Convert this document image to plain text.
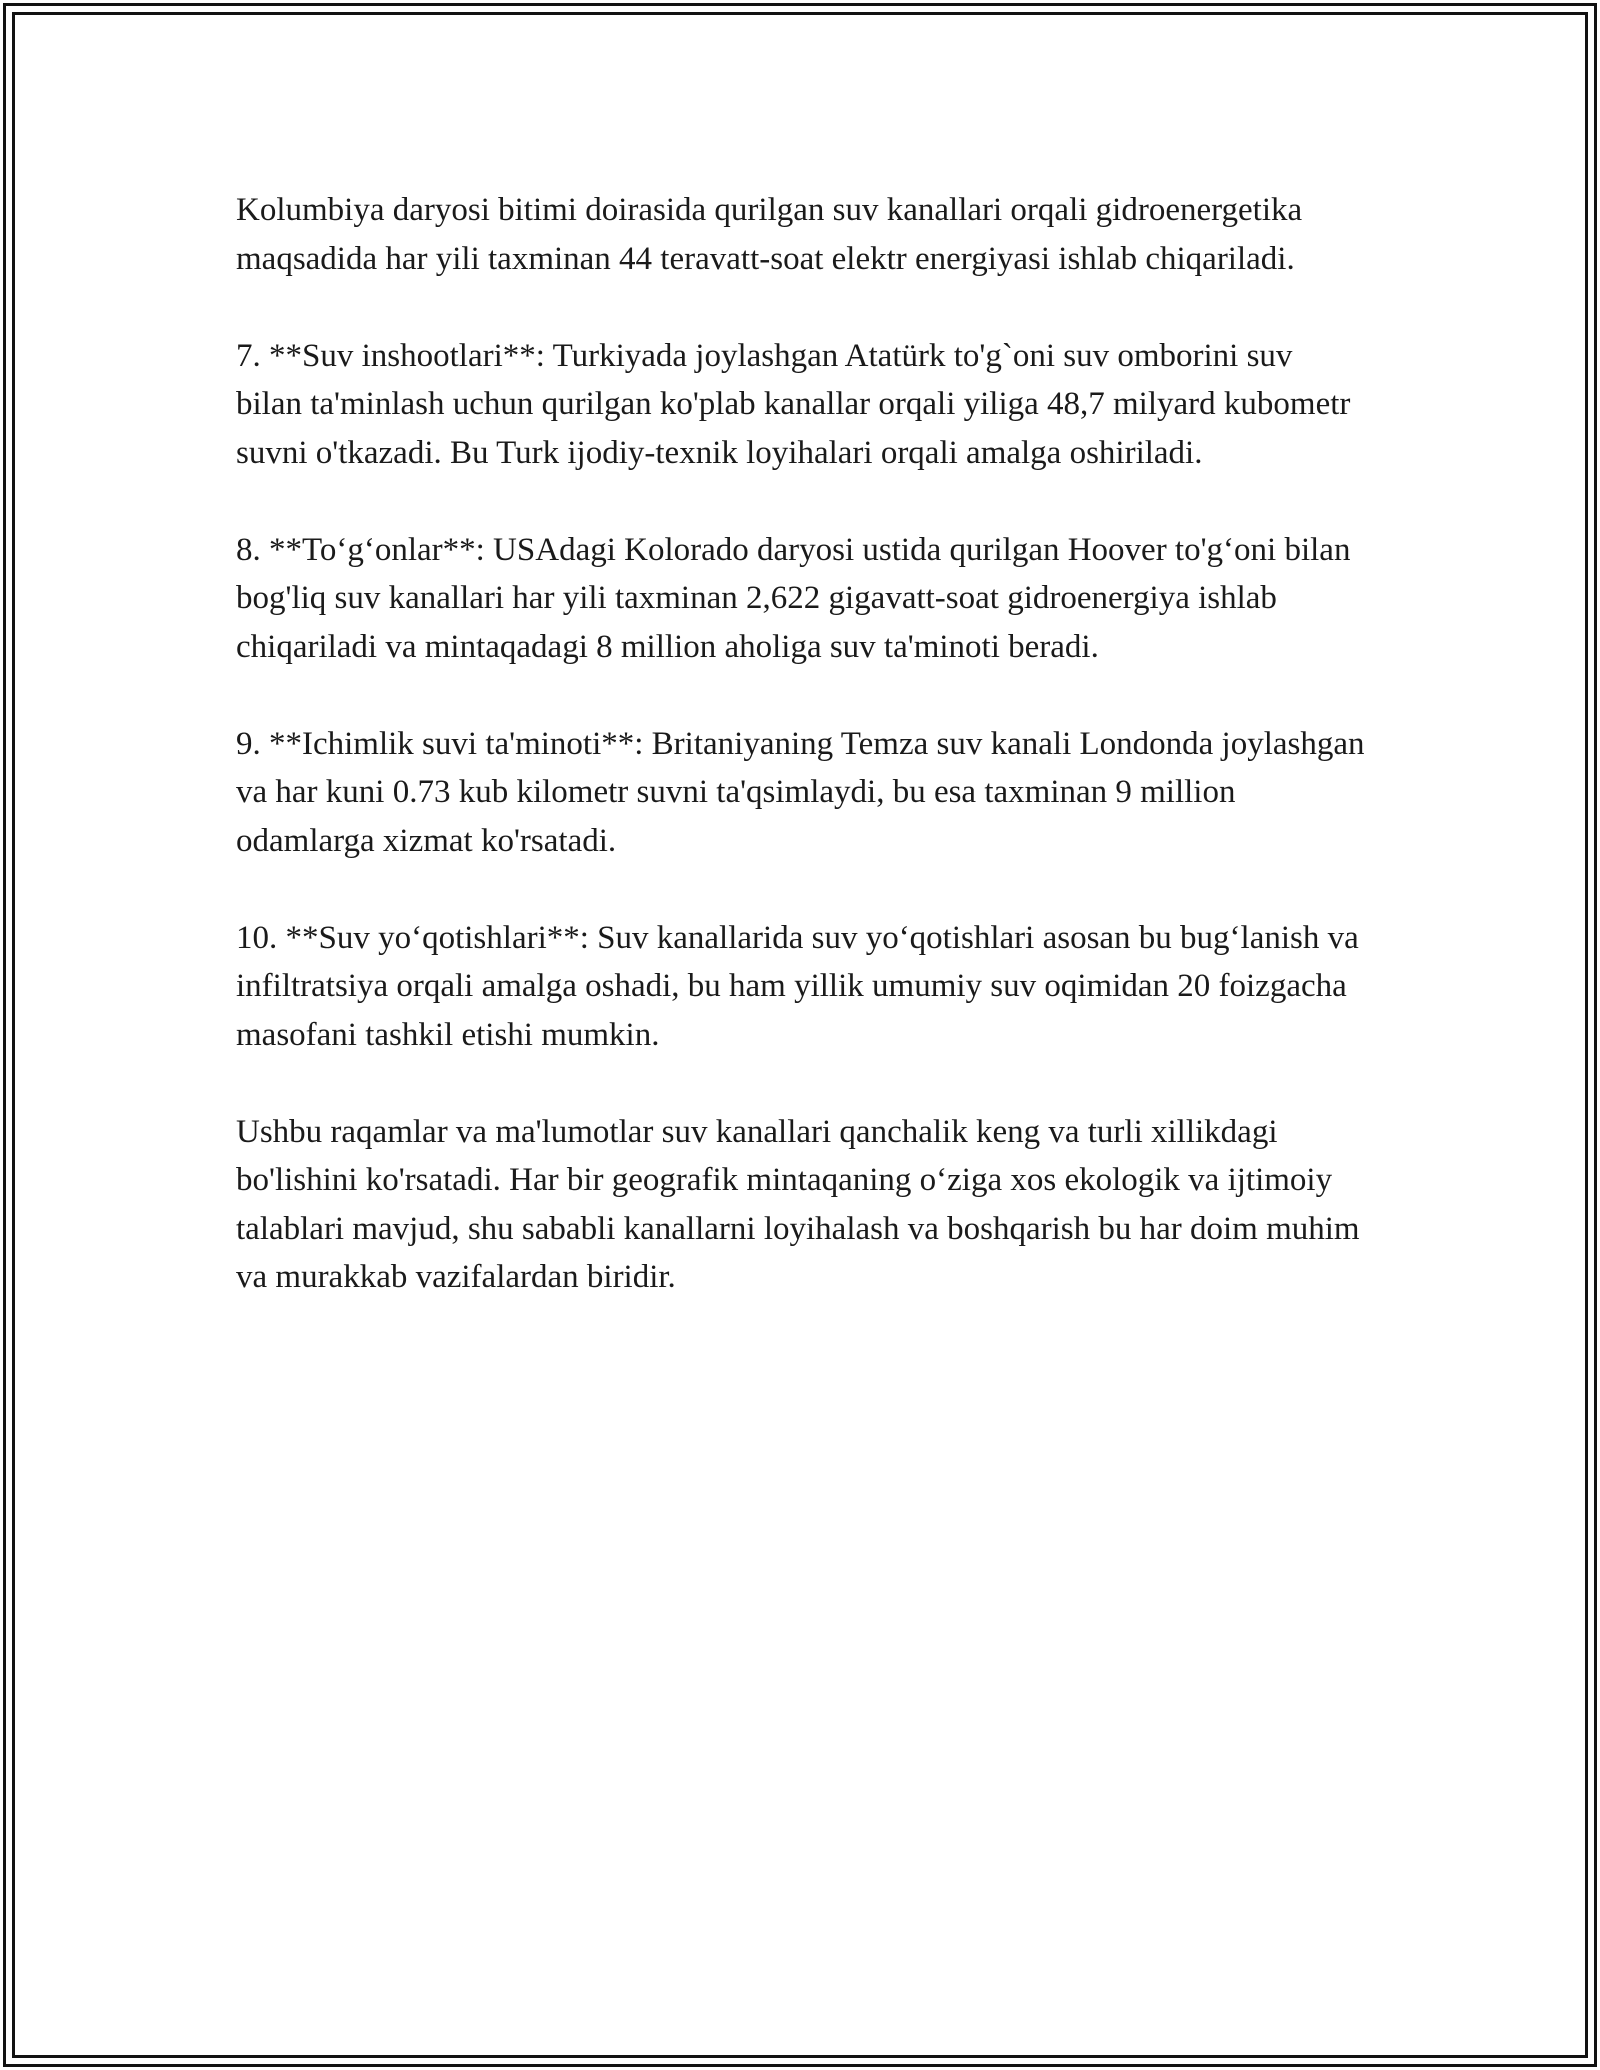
Kolumbiya daryosi bitimi doirasida qurilgan suv kanallari orqali gidroenergetika maqsadida har yili taxminan 44 teravatt-soat elektr energiyasi ishlab chiqariladi.

7. **Suv inshootlari**: Turkiyada joylashgan Atatürk to'g`oni suv omborini suv bilan ta'minlash uchun qurilgan ko'plab kanallar orqali yiliga 48,7 milyard kubometr suvni o'tkazadi. Bu Turk ijodiy-texnik loyihalari orqali amalga oshiriladi.

8. **To‘g‘onlar**: USAdagi Kolorado daryosi ustida qurilgan Hoover to'g‘oni bilan bog'liq suv kanallari har yili taxminan 2,622 gigavatt-soat gidroenergiya ishlab chiqariladi va mintaqadagi 8 million aholiga suv ta'minoti beradi.

9. **Ichimlik suvi ta'minoti**: Britaniyaning Temza suv kanali Londonda joylashgan va har kuni 0.73 kub kilometr suvni ta'qsimlaydi, bu esa taxminan 9 million odamlarga xizmat ko'rsatadi.

10. **Suv yo‘qotishlari**: Suv kanallarida suv yo‘qotishlari asosan bu bug‘lanish va infiltratsiya orqali amalga oshadi, bu ham yillik umumiy suv oqimidan 20 foizgacha masofani tashkil etishi mumkin.

Ushbu raqamlar va ma'lumotlar suv kanallari qanchalik keng va turli xillikdagi bo'lishini ko'rsatadi. Har bir geografik mintaqaning o‘ziga xos ekologik va ijtimoiy talablari mavjud, shu sababli kanallarni loyihalash va boshqarish bu har doim muhim va murakkab vazifalardan biridir.
